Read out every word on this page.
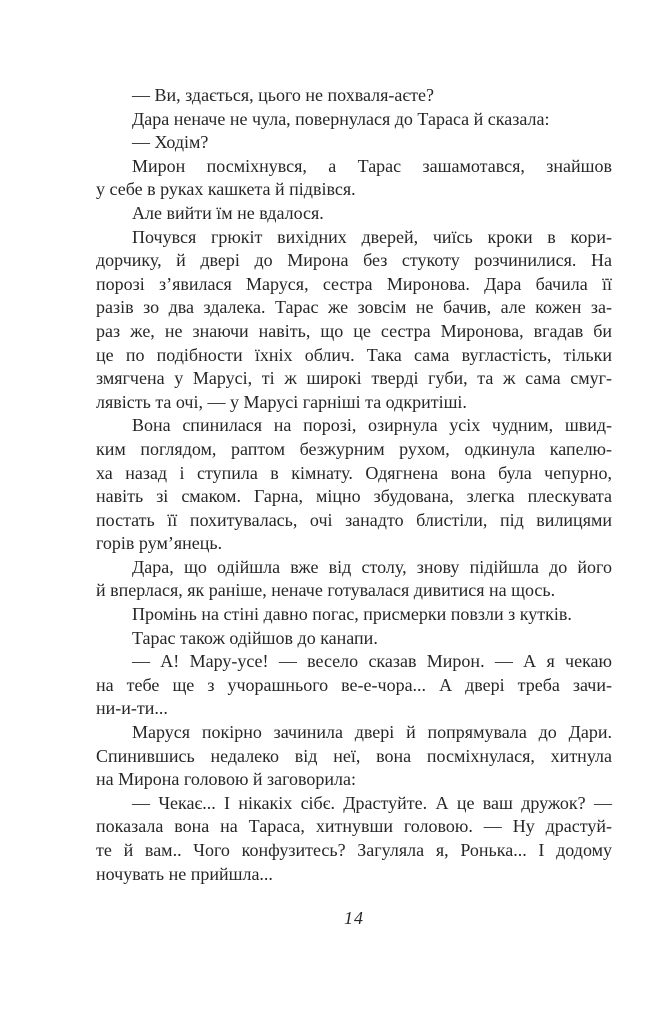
— Ви, здається, цього не похваля-аєте?

Дара неначе не чула, повернулася до Тараса й сказала:

— Ходім?

Мирон посміхнувся, а Тарас зашамотався, знайшов
у себе в руках кашкета й підвівся.

Але вийти їм не вдалося.

Почувся грюкіт вихідних дверей, чиїсь кроки в кори-
дорчику, й двері до Мирона без стукоту розчинилися. На
порозі з’явилася Маруся, сестра Миронова. Дара бачила її
разів зо два здалека. Тарас же зовсім не бачив, але кожен за-
раз же, не знаючи навіть, що це сестра Миронова, вгадав би
це по подібности їхніх облич. Така сама вугластість, тільки
змягчена у Марусі, ті ж широкі тверді губи, та ж сама смуг-
лявість та очі, — у Марусі гарніші та одкритіші.

Вона спинилася на порозі, озирнула усіх чудним, швид-
ким поглядом, раптом безжурним рухом, одкинула капелю-
ха назад і ступила в кімнату. Одягнена вона була чепурно,
навіть зі смаком. Гарна, міцно збудована, злегка плескувата
постать її похитувалась, очі занадто блистіли, під вилицями
горів рум’янець.

Дара, що одійшла вже від столу, знову підійшла до його
й вперлася, як раніше, неначе готувалася дивитися на щось.

Промінь на стіні давно погас, присмерки повзли з кутків.

Тарас також одійшов до канапи.

— А! Мару-усе! — весело сказав Мирон. — А я чекаю
на тебе ще з учорашнього ве-е-чора... А двері треба зачи-
ни-и-ти...

Маруся покірно зачинила двері й попрямувала до Дари.
Спинившись недалеко від неї, вона посміхнулася, хитнула
на Мирона головою й заговорила:

— Чекає... І нікакіх сібє. Драстуйте. А це ваш дружок? —
показала вона на Тараса, хитнувши головою. — Ну драстуй-
те й вам.. Чого конфузитесь? Загуляла я, Ронька... І додому
ночувать не прийшла...

14
